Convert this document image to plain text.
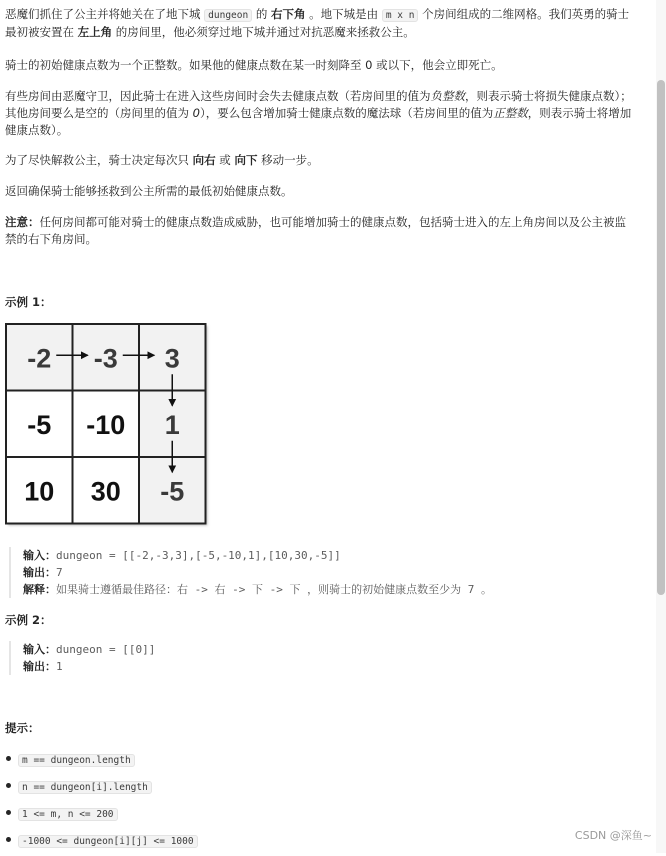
恶魔们抓住了公主并将她关在了地下城 dungeon 的 右下角 。地下城是由 m x n 个房间组成的二维网格。我们英勇的骑士最初被安置在 左上角 的房间里，他必须穿过地下城并通过对抗恶魔来拯救公主。

骑士的初始健康点数为一个正整数。如果他的健康点数在某一时刻降至 0 或以下，他会立即死亡。

有些房间由恶魔守卫，因此骑士在进入这些房间时会失去健康点数（若房间里的值为负整数，则表示骑士将损失健康点数）；其他房间要么是空的（房间里的值为 0），要么包含增加骑士健康点数的魔法球（若房间里的值为正整数，则表示骑士将增加健康点数）。

为了尽快解救公主，骑士决定每次只 向右 或 向下 移动一步。

返回确保骑士能够拯救到公主所需的最低初始健康点数。

注意：任何房间都可能对骑士的健康点数造成威胁，也可能增加骑士的健康点数，包括骑士进入的左上角房间以及公主被监禁的右下角房间。

示例 1：
-2 -3 3
-5 -10 1
10 30 -5
输入：dungeon = [[-2,-3,3],[-5,-10,1],[10,30,-5]]
输出：7
解释：如果骑士遵循最佳路径：右 -> 右 -> 下 -> 下 ，则骑士的初始健康点数至少为 7 。
示例 2：
输入：dungeon = [[0]]
输出：1
提示：
m == dungeon.length
n == dungeon[i].length
1 <= m, n <= 200
-1000 <= dungeon[i][j] <= 1000	CSDN @深鱼~
